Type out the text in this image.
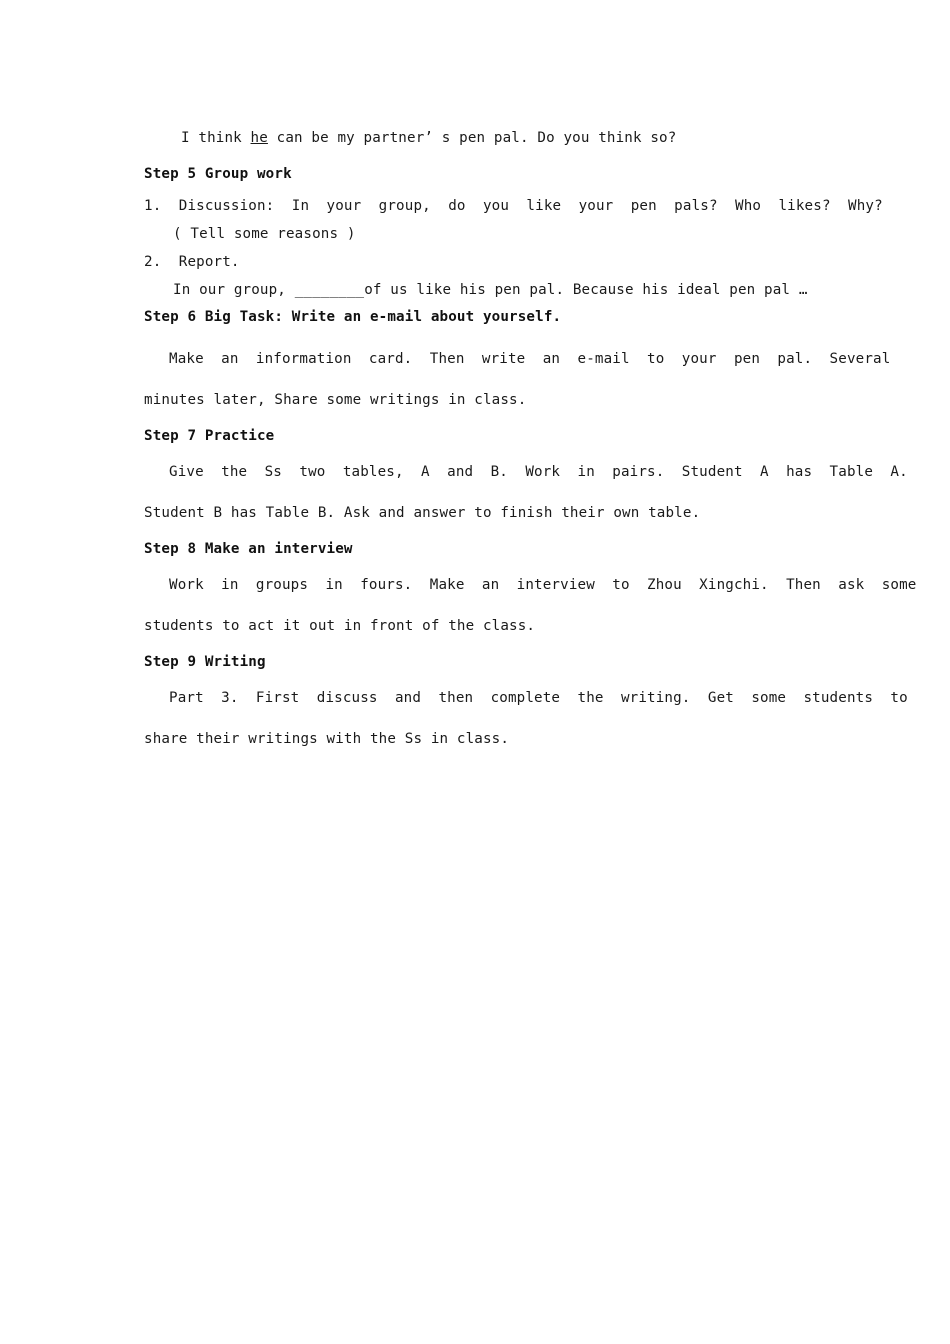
I think he can be my partner’ s pen pal. Do you think so?
Step 5 Group work
1.  Discussion:  In  your  group,  do  you  like  your  pen  pals?  Who  likes?  Why?
( Tell some reasons )
2.  Report.
In our group, ________of us like his pen pal. Because his ideal pen pal …
Step 6 Big Task: Write an e-mail about yourself.
Make  an  information  card.  Then  write  an  e-mail  to  your  pen  pal.  Several
minutes later, Share some writings in class.
Step 7 Practice
Give  the  Ss  two  tables,  A  and  B.  Work  in  pairs.  Student  A  has  Table  A.
Student B has Table B. Ask and answer to finish their own table.
Step 8 Make an interview
Work  in  groups  in  fours.  Make  an  interview  to  Zhou  Xingchi.  Then  ask  some
students to act it out in front of the class.
Step 9 Writing
Part  3.  First  discuss  and  then  complete  the  writing.  Get  some  students  to
share their writings with the Ss in class.
